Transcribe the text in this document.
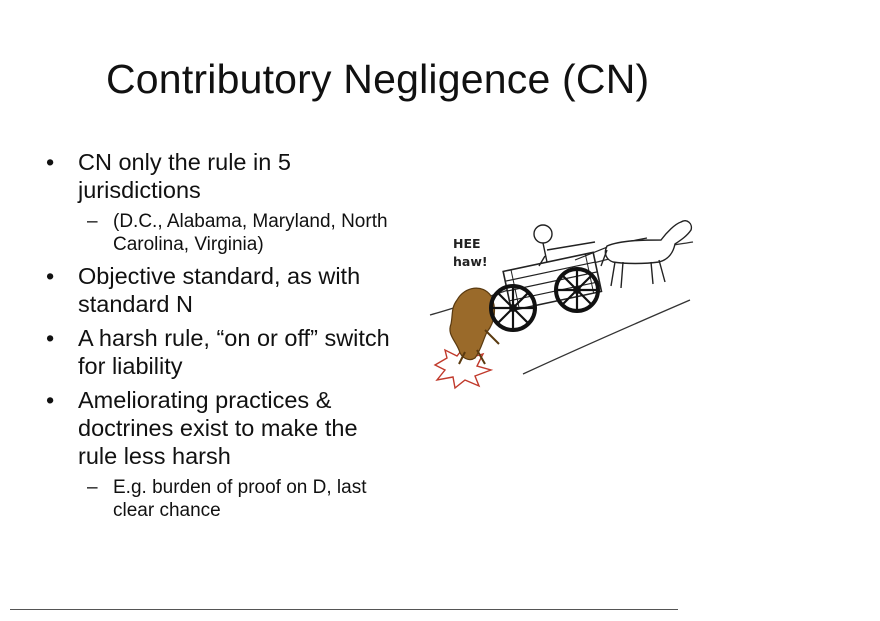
Contributory Negligence (CN)
• CN only the rule in 5 jurisdictions
– (D.C., Alabama, Maryland, North Carolina, Virginia)
• Objective standard, as with standard N
• A harsh rule, “on or off” switch for liability
• Ameliorating practices & doctrines exist to make the rule less harsh
– E.g. burden of proof on D, last clear chance
HEE
haw!
